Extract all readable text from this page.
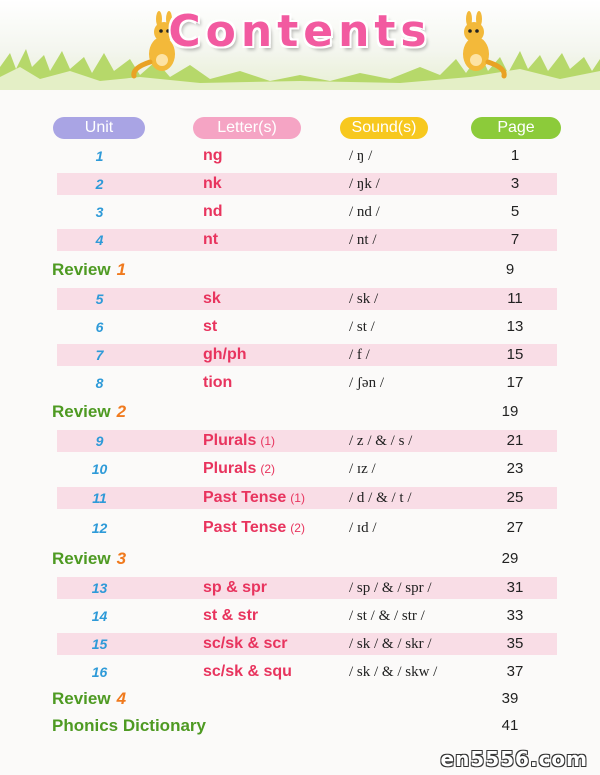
Contents
Unit	Letter(s)	Sound(s)	Page
1	ng	/ ŋ /	1
2	nk	/ ŋk /	3
3	nd	/ nd /	5
4	nt	/ nt /	7
Review 1	9
5	sk	/ sk /	11
6	st	/ st /	13
7	gh/ph	/ f /	15
8	tion	/ ʃən /	17
Review 2	19
9	Plurals (1)	/ z / & / s /	21
10	Plurals (2)	/ ɪz /	23
11	Past Tense (1)	/ d / & / t /	25
12	Past Tense (2)	/ ɪd /	27
Review 3	29
13	sp & spr	/ sp / & / spr /	31
14	st & str	/ st / & / str /	33
15	sc/sk & scr	/ sk / & / skr /	35
16	sc/sk & squ	/ sk / & / skw /	37
Review 4	39
Phonics Dictionary	41
en5556.com
